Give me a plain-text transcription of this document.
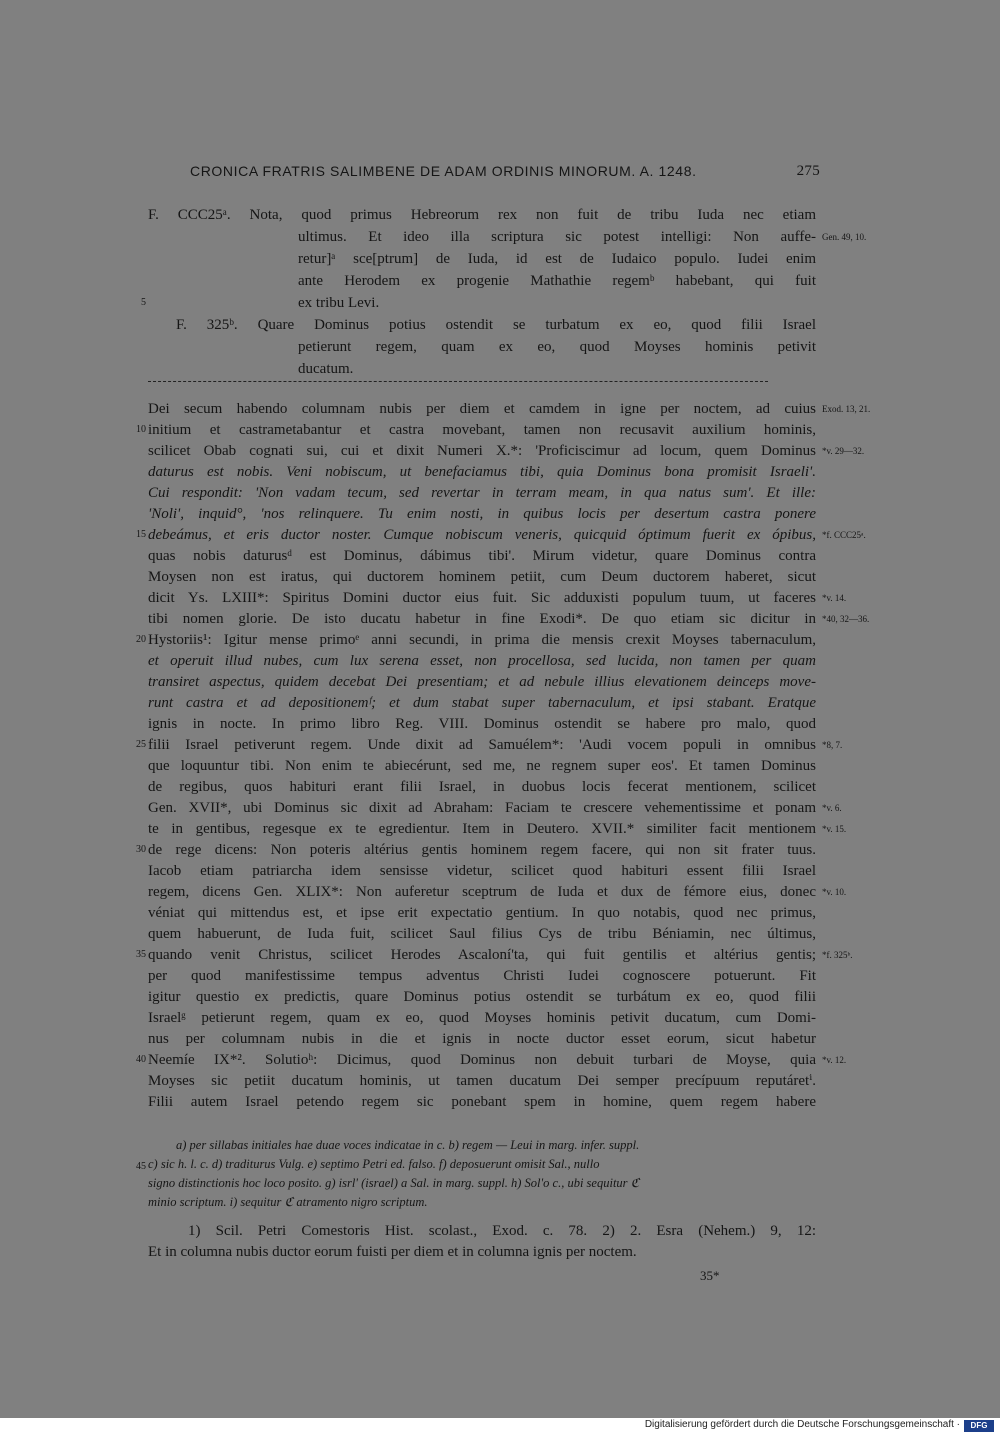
CRONICA FRATRIS SALIMBENE DE ADAM ORDINIS MINORUM. A. 1248.	275
F. CCC25ᵃ. Nota, quod primus Hebreorum rex non fuit de tribu Iuda nec etiam
ultimus. Et ideo illa scriptura sic potest intelligi: Non auffe-
retur]ᵃ sce[ptrum] de Iuda, id est de Iudaico populo. Iudei enim
ante Herodem ex progenie Mathathie regemᵇ habebant, qui fuit
ex tribu Levi.
F. 325ᵇ. Quare Dominus potius ostendit se turbatum ex eo, quod filii Israel
petierunt regem, quam ex eo, quod Moyses hominis petivit
ducatum.
Dei secum habendo columnam nubis per diem et camdem in igne per noctem, ad cuius
initium et castrametabantur et castra movebant, tamen non recusavit auxilium hominis,
scilicet Obab cognati sui, cui et dixit Numeri X.*: 'Proficiscimur ad locum, quem Dominus
daturus est nobis. Veni nobiscum, ut benefaciamus tibi, quia Dominus bona promisit Israeli'.
Cui respondit: 'Non vadam tecum, sed revertar in terram meam, in qua natus sum'. Et ille:
'Noli', inquid°, 'nos relinquere. Tu enim nosti, in quibus locis per desertum castra ponere
debeámus, et eris ductor noster. Cumque nobiscum veneris, quicquid óptimum fuerit ex ópibus,
quas nobis daturusᵈ est Dominus, dábimus tibi'. Mirum videtur, quare Dominus contra
Moysen non est iratus, qui ductorem hominem petiit, cum Deum ductorem haberet, sicut
dicit Ys. LXIII*: Spiritus Domini ductor eius fuit. Sic adduxisti populum tuum, ut faceres
tibi nomen glorie. De isto ducatu habetur in fine Exodi*. De quo etiam sic dicitur in
Hystoriis¹: Igitur mense primoᵉ anni secundi, in prima die mensis crexit Moyses tabernaculum,
et operuit illud nubes, cum lux serena esset, non procellosa, sed lucida, non tamen per quam
transiret aspectus, quidem decebat Dei presentiam; et ad nebule illius elevationem deinceps move-
runt castra et ad depositionemᶠ; et dum stabat super tabernaculum, et ipsi stabant. Eratque
ignis in nocte. In primo libro Reg. VIII. Dominus ostendit se habere pro malo, quod
filii Israel petiverunt regem. Unde dixit ad Samuélem*: 'Audi vocem populi in omnibus
que loquuntur tibi. Non enim te abiecérunt, sed me, ne regnem super eos'. Et tamen Dominus
de regibus, quos habituri erant filii Israel, in duobus locis fecerat mentionem, scilicet
Gen. XVII*, ubi Dominus sic dixit ad Abraham: Faciam te crescere vehementissime et ponam
te in gentibus, regesque ex te egredientur. Item in Deutero. XVII.* similiter facit mentionem
de rege dicens: Non poteris altérius gentis hominem regem facere, qui non sit frater tuus.
Iacob etiam patriarcha idem sensisse videtur, scilicet quod habituri essent filii Israel
regem, dicens Gen. XLIX*: Non auferetur sceptrum de Iuda et dux de fémore eius, donec
véniat qui mittendus est, et ipse erit expectatio gentium. In quo notabis, quod nec primus,
quem habuerunt, de Iuda fuit, scilicet Saul filius Cys de tribu Béniamin, nec últimus,
quando venit Christus, scilicet Herodes Ascaloní'ta, qui fuit gentilis et altérius gentis;
per quod manifestissime tempus adventus Christi Iudei cognoscere potuerunt. Fit
igitur questio ex predictis, quare Dominus potius ostendit se turbátum ex eo, quod filii
Israelᵍ petierunt regem, quam ex eo, quod Moyses hominis petivit ducatum, cum Domi-
nus per columnam nubis in die et ignis in nocte ductor esset eorum, sicut habetur
Neemíe IX*². Solutioʰ: Dicimus, quod Dominus non debuit turbari de Moyse, quia
Moyses sic petiit ducatum hominis, ut tamen ducatum Dei semper precípuum reputáretⁱ.
Filii autem Israel petendo regem sic ponebant spem in homine, quem regem habere
5
10
15
20
25
30
35
40
45
Gen. 49, 10.
Exod. 13, 21.
*v. 29—32.
*f. CCC25ᵃ.
*v. 14.
*40, 32—36.
*8, 7.
*v. 6.
*v. 15.
*v. 10.
*f. 325ᵇ.
*v. 12.
a) per sillabas initiales hae duae voces indicatae in c. b) regem — Leui in marg. infer. suppl.
c) sic h. l. c. d) traditurus Vulg. e) septimo Petri ed. falso. f) deposuerunt omisit Sal., nullo
signo distinctionis hoc loco posito. g) isrl' (israel) a Sal. in marg. suppl. h) Sol'o c., ubi sequitur ℭ
minio scriptum. i) sequitur ℭ atramento nigro scriptum.
1) Scil. Petri Comestoris Hist. scolast., Exod. c. 78. 2) 2. Esra (Nehem.) 9, 12:
Et in columna nubis ductor eorum fuisti per diem et in columna ignis per noctem.
35*
Digitalisierung gefördert durch die Deutsche Forschungsgemeinschaft ·	DFG
